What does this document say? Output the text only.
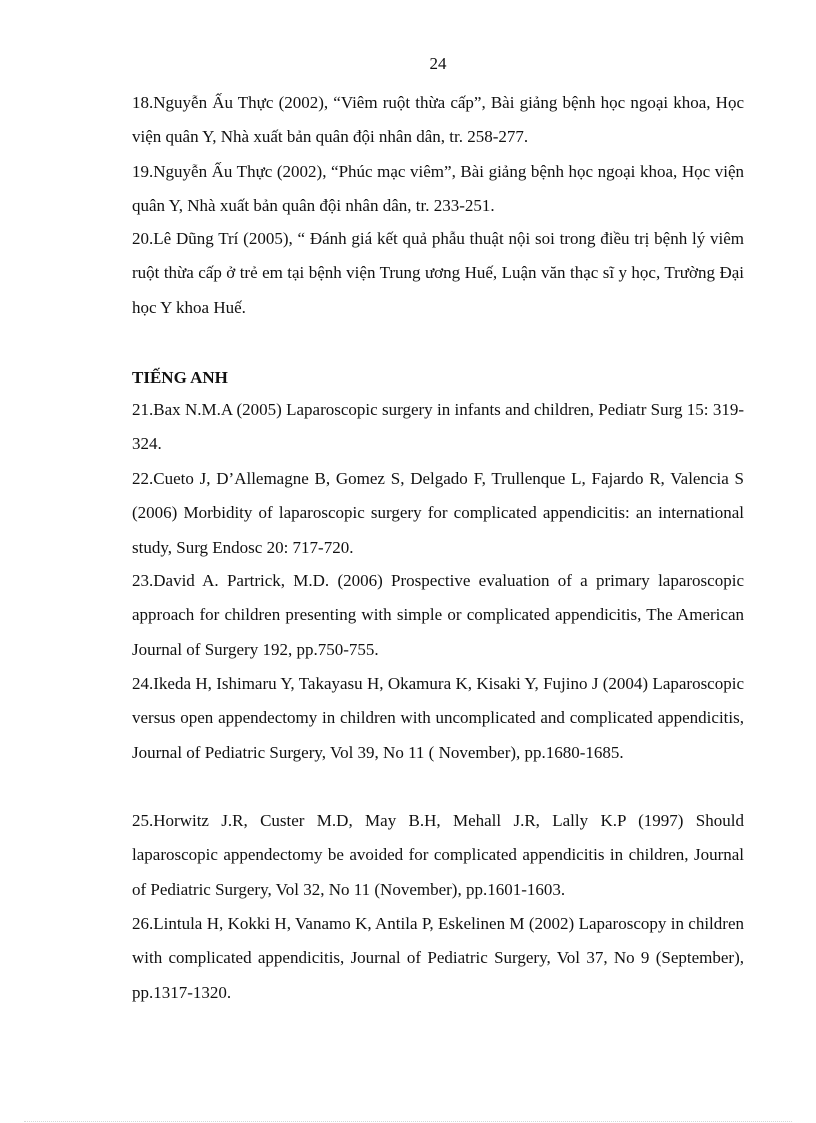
24
18.Nguyễn Ấu Thực (2002), “Viêm ruột thừa cấp”, Bài giảng bệnh học ngoại khoa, Học viện quân Y, Nhà xuất bản quân đội nhân dân, tr. 258-277.
19.Nguyễn Ấu Thực (2002), “Phúc mạc viêm”, Bài giảng bệnh học ngoại khoa, Học viện quân Y, Nhà xuất bản quân đội nhân dân, tr. 233-251.
20.Lê Dũng Trí (2005), “ Đánh giá kết quả phẫu thuật nội soi trong điều trị bệnh lý viêm ruột thừa cấp ở trẻ em tại bệnh viện Trung ương Huế, Luận văn thạc sĩ y học, Trường Đại học Y khoa Huế.
TIẾNG ANH
21.Bax N.M.A (2005) Laparoscopic surgery in infants and children, Pediatr Surg 15: 319-324.
22.Cueto J, D’Allemagne B, Gomez S, Delgado F, Trullenque L, Fajardo R, Valencia S (2006) Morbidity of laparoscopic surgery for complicated appendicitis: an international study, Surg Endosc 20: 717-720.
23.David A. Partrick, M.D. (2006) Prospective evaluation of a primary laparoscopic approach for children presenting with simple or complicated appendicitis, The American Journal of Surgery 192, pp.750-755.
24.Ikeda H, Ishimaru Y, Takayasu H, Okamura K, Kisaki Y, Fujino J (2004) Laparoscopic versus open appendectomy in children with uncomplicated and complicated appendicitis, Journal of Pediatric Surgery, Vol 39, No 11 ( November), pp.1680-1685.
25.Horwitz J.R, Custer M.D, May B.H, Mehall J.R, Lally K.P (1997) Should laparoscopic appendectomy be avoided for complicated appendicitis in children, Journal of Pediatric Surgery, Vol 32, No 11 (November), pp.1601-1603.
26.Lintula H, Kokki H, Vanamo K, Antila P, Eskelinen M (2002) Laparoscopy in children with complicated appendicitis, Journal of Pediatric Surgery, Vol 37, No 9 (September), pp.1317-1320.
